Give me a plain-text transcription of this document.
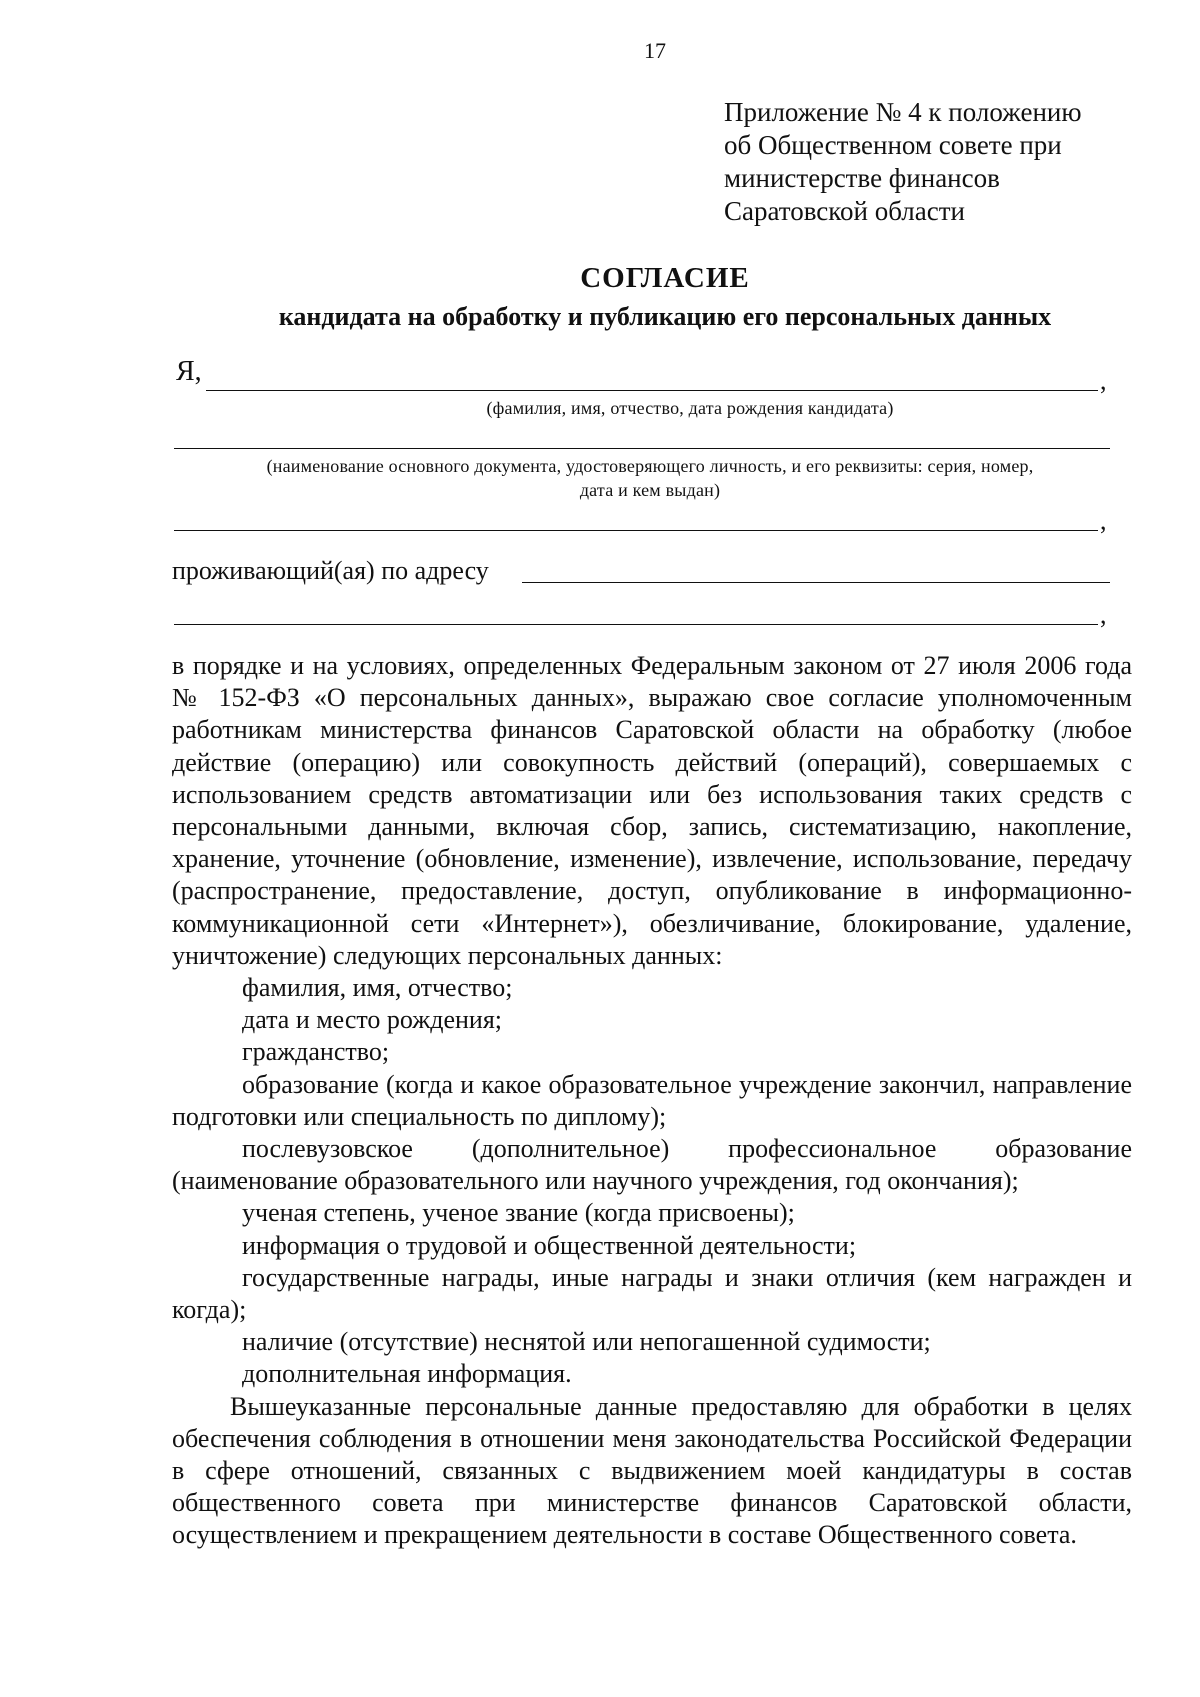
17
Приложение № 4 к положению
об Общественном совете при
министерстве финансов
Саратовской области
СОГЛАСИЕ
кандидата на обработку и публикацию его персональных данных
Я,	,
(фамилия, имя, отчество, дата рождения кандидата)
(наименование основного документа, удостоверяющего личность, и его реквизиты: серия, номер,
дата и кем выдан)
,
проживающий(ая) по адресу
,

в порядке и на условиях, определенных Федеральным законом от 27 июля 2006 года № 152-ФЗ «О персональных данных», выражаю свое согласие уполномоченным работникам министерства финансов Саратовской области на обработку (любое действие (операцию) или совокупность действий (операций), совершаемых с использованием средств автоматизации или без использования таких средств с персональными данными, включая сбор, запись, систематизацию, накопление, хранение, уточнение (обновление, изменение), извлечение, использование, передачу (распространение, предоставление, доступ, опубликование в информационно-коммуникационной сети «Интернет»), обезличивание, блокирование, удаление, уничтожение) следующих персональных данных:

фамилия, имя, отчество;

дата и место рождения;

гражданство;

образование (когда и какое образовательное учреждение закончил, направление подготовки или специальность по диплому);

послевузовское (дополнительное) профессиональное образование (наименование образовательного или научного учреждения, год окончания);

ученая степень, ученое звание (когда присвоены);

информация о трудовой и общественной деятельности;

государственные награды, иные награды и знаки отличия (кем награжден и когда);

наличие (отсутствие) неснятой или непогашенной судимости;

дополнительная информация.

Вышеуказанные персональные данные предоставляю для обработки в целях обеспечения соблюдения в отношении меня законодательства Российской Федерации в сфере отношений, связанных с выдвижением моей кандидатуры в состав общественного совета при министерстве финансов Саратовской области, осуществлением и прекращением деятельности в составе Общественного совета.
